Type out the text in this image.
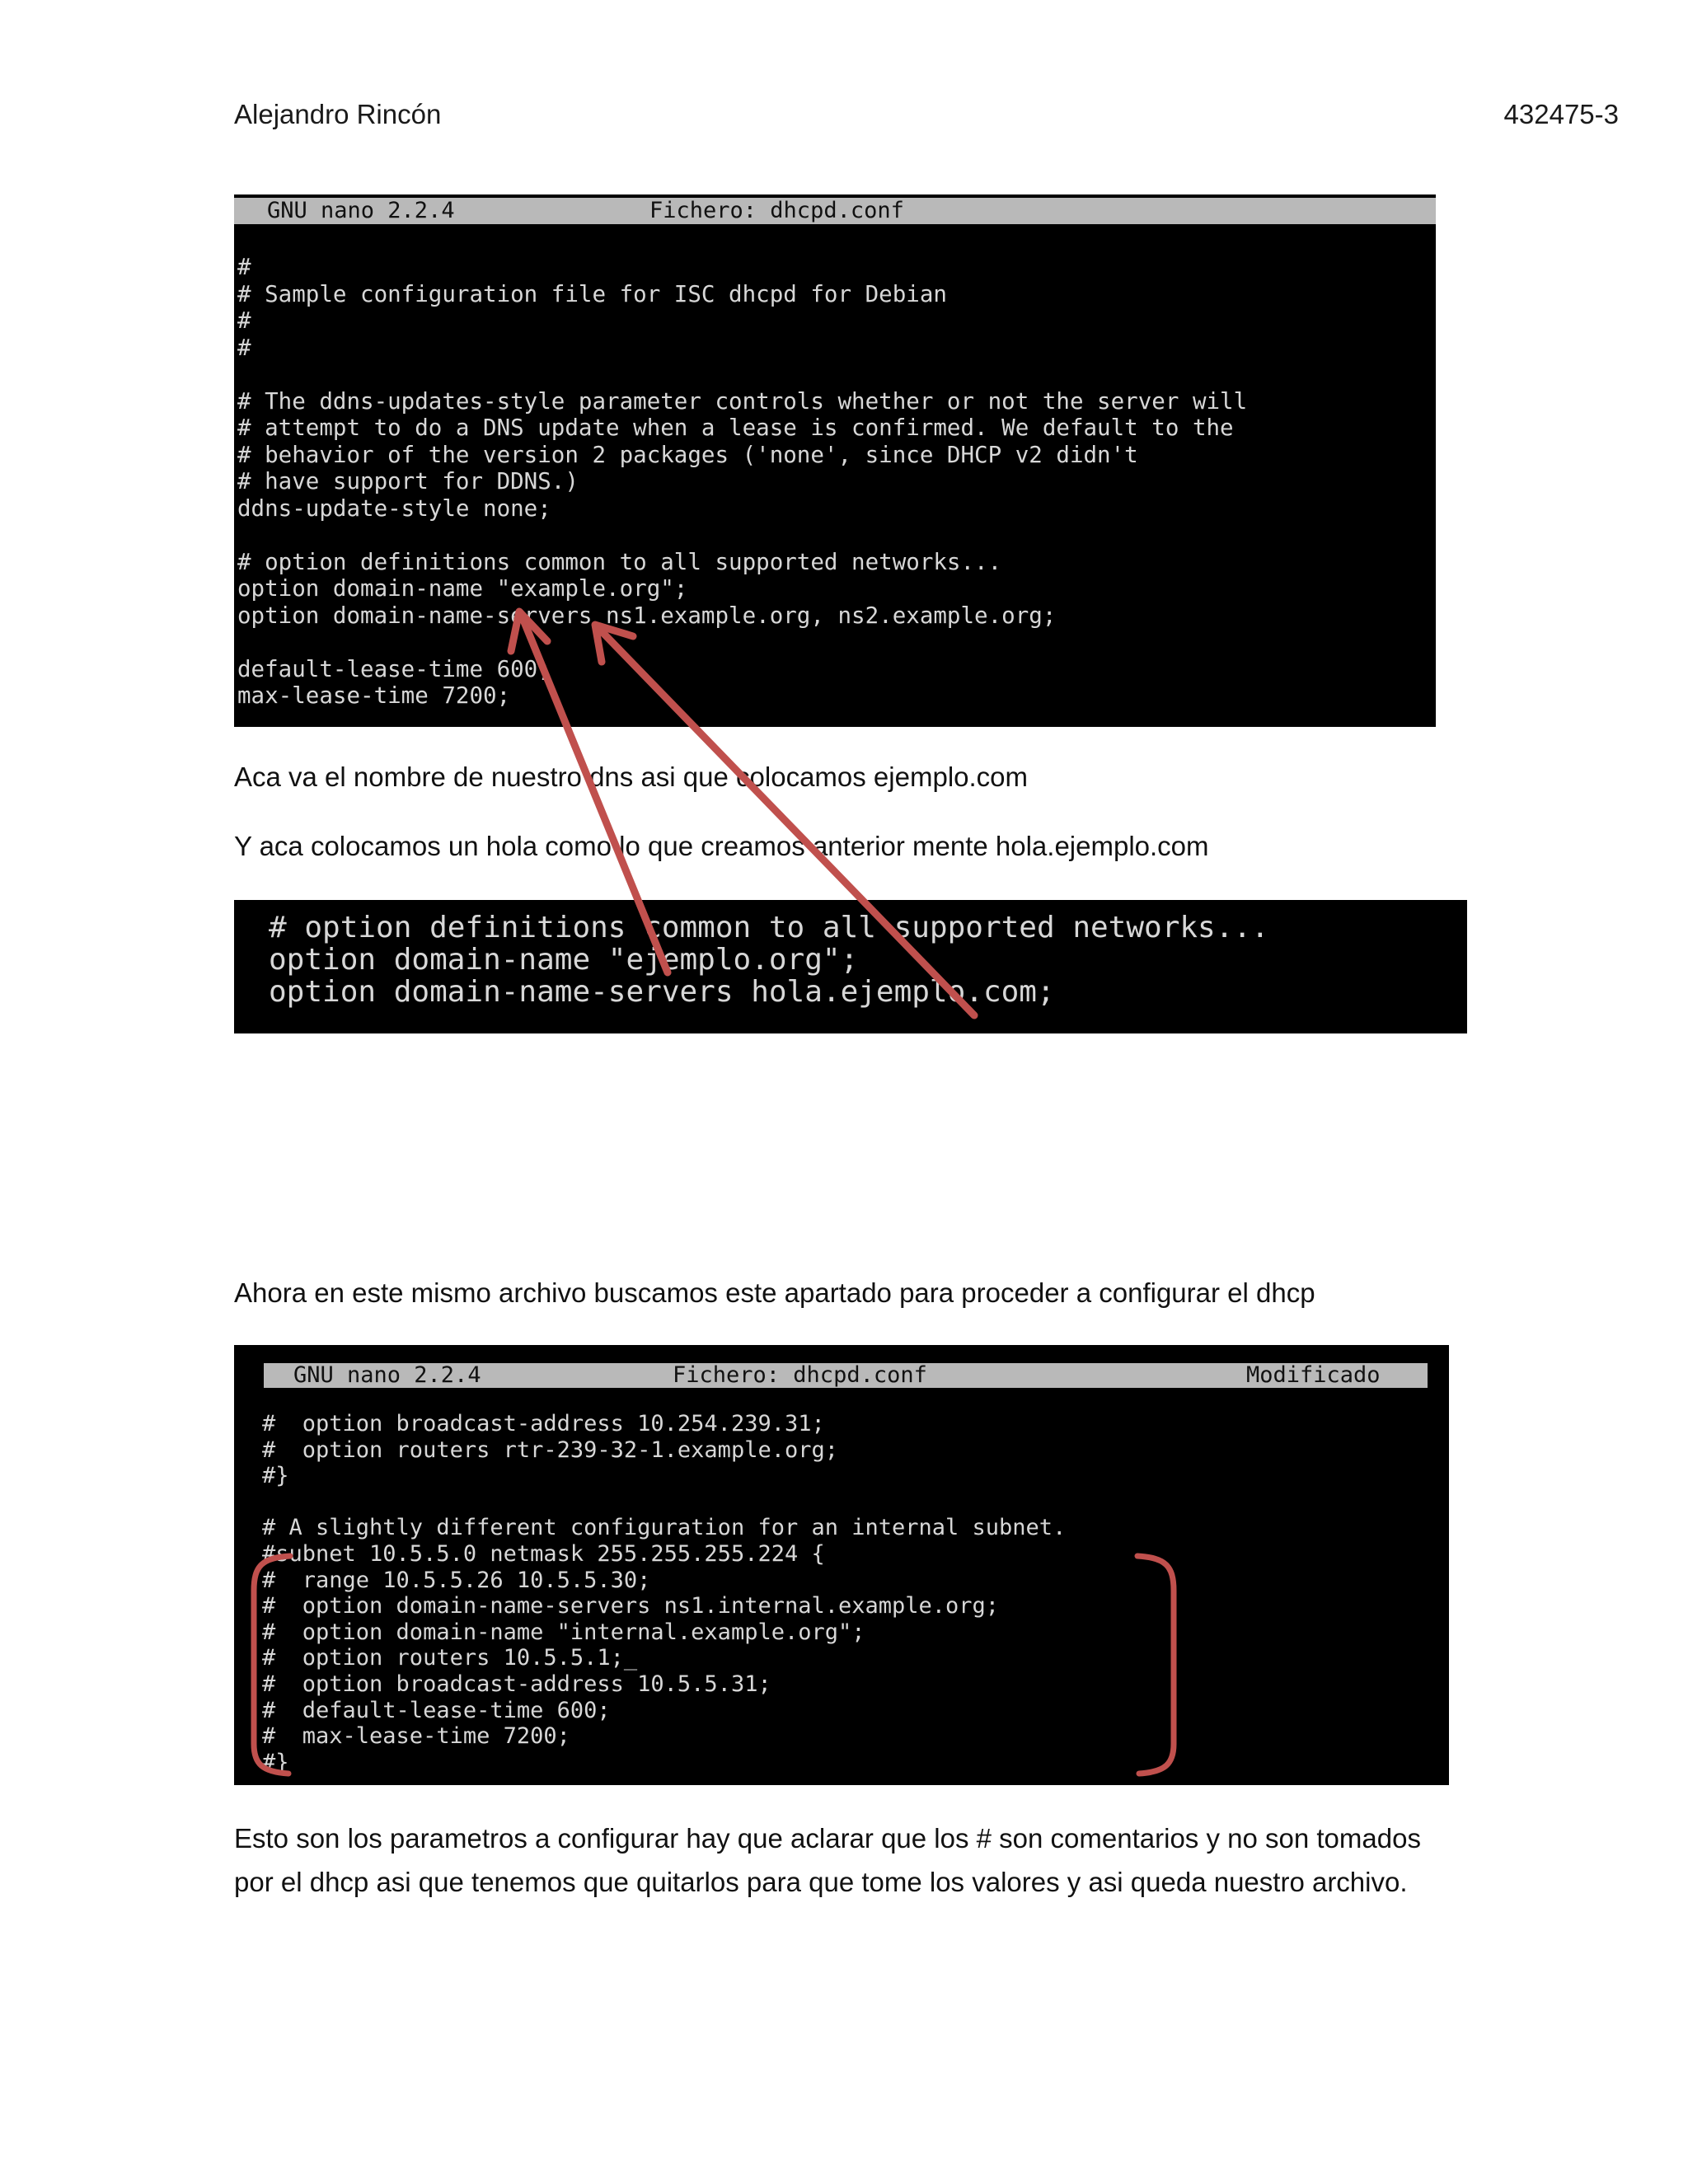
Alejandro Rincón	432475-3
GNU nano 2.2.4	Fichero: dhcpd.conf
#
# Sample configuration file for ISC dhcpd for Debian
#
#

# The ddns-updates-style parameter controls whether or not the server will
# attempt to do a DNS update when a lease is confirmed. We default to the
# behavior of the version 2 packages ('none', since DHCP v2 didn't
# have support for DDNS.)
ddns-update-style none;

# option definitions common to all supported networks...
option domain-name "example.org";
option domain-name-servers ns1.example.org, ns2.example.org;

default-lease-time 600;
max-lease-time 7200;
Aca va el nombre de nuestro dns asi que colocamos ejemplo.com
Y aca colocamos un hola como lo que creamos anterior mente hola.ejemplo.com
# option definitions common to all supported networks...
option domain-name "ejemplo.org";
option domain-name-servers hola.ejemplo.com;
Ahora en este mismo archivo buscamos este apartado para proceder a configurar el dhcp
GNU nano 2.2.4	Fichero: dhcpd.conf	Modificado
#  option broadcast-address 10.254.239.31;
#  option routers rtr-239-32-1.example.org;
#}

# A slightly different configuration for an internal subnet.
#subnet 10.5.5.0 netmask 255.255.255.224 {
#  range 10.5.5.26 10.5.5.30;
#  option domain-name-servers ns1.internal.example.org;
#  option domain-name "internal.example.org";
#  option routers 10.5.5.1;_
#  option broadcast-address 10.5.5.31;
#  default-lease-time 600;
#  max-lease-time 7200;
#}
Esto son los parametros a configurar hay que aclarar que los # son comentarios y no son tomados
por el dhcp asi que tenemos que quitarlos para que tome los valores y asi queda nuestro archivo.
